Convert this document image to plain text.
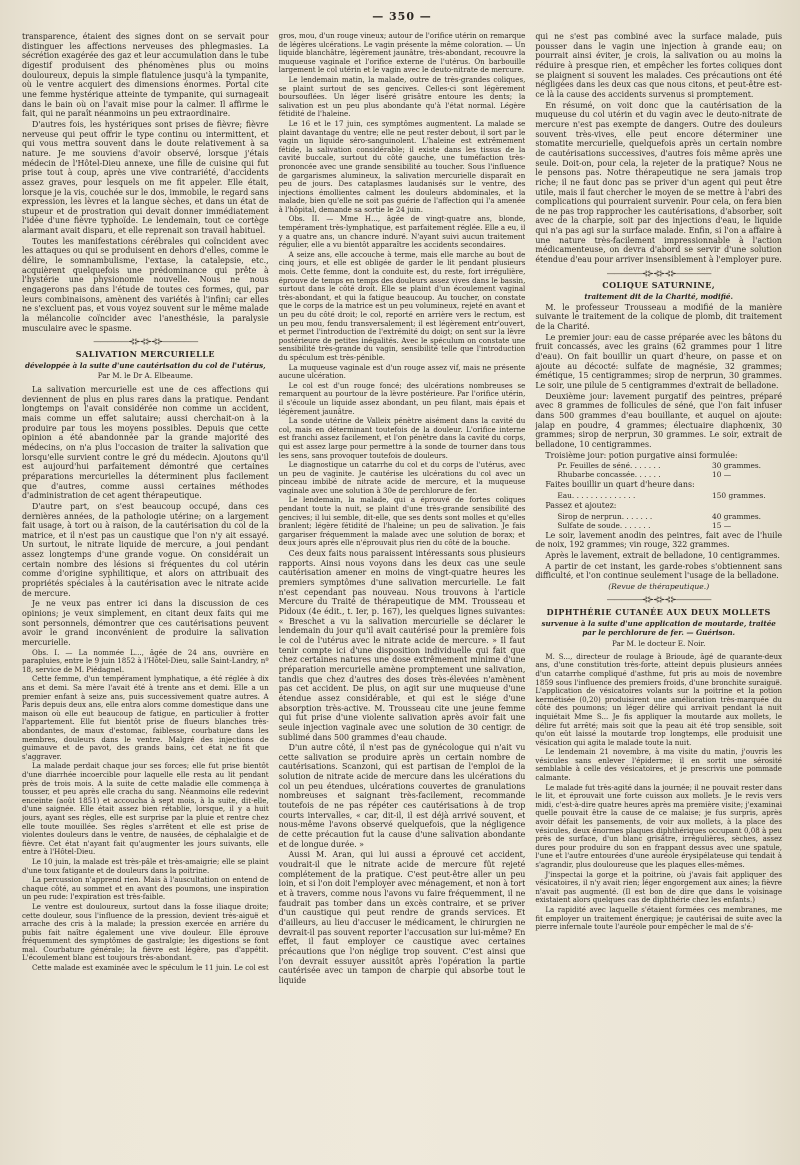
— 350 —

transparence, étaient des signes dont on se servait pour distinguer les affections nerveuses des phlegmasies. La sécrétion exagérée des gaz et leur accumulation dans le tube digestif produisent des phénomènes plus ou moins douloureux, depuis la simple flatulence jusqu'à la tympanite, où le ventre acquiert des dimensions énormes. Portal cite une femme hystérique atteinte de tympanite, qui surnageait dans le bain où on l'avait mise pour la calmer. Il affirme le fait, qui ne paraît néanmoins un peu extraordinaire.

D'autres fois, les hystériques sont prises de fièvre; fièvre nerveuse qui peut offrir le type continu ou intermittent, et qui vous mettra souvent dans le doute relativement à sa nature. Je me souviens d'avoir observé, lorsque j'étais médecin de l'Hôtel-Dieu annexe, une fille de cuisine qui fut prise tout à coup, après une vive contrariété, d'accidents assez graves, pour lesquels on me fit appeler. Elle était, lorsque je la vis, couchée sur le dos, immobile, le regard sans expression, les lèvres et la langue sèches, et dans un état de stupeur et de prostration qui devait donner immédiatement l'idée d'une fièvre typhoïde. Le lendemain, tout ce cortège alarmant avait disparu, et elle reprenait son travail habituel.

Toutes les manifestations cérébrales qui coïncident avec les attaques ou qui se produisent en dehors d'elles, comme le délire, le somnambulisme, l'extase, la catalepsie, etc., acquièrent quelquefois une prédominance qui prête à l'hystérie une physionomie nouvelle. Nous ne nous engagerons pas dans l'étude de toutes ces formes, qui, par leurs combinaisons, amènent des variétés à l'infini; car elles ne s'excluent pas, et vous voyez souvent sur le même malade la mélancolie coïncider avec l'anesthésie, la paralysie musculaire avec le spasme.

—————⊰⊱⊰⊱⊰⊱—————
SALIVATION MERCURIELLE
développée à la suite d'une cautérisation du col de l'utérus,
Par M. le Dr A. Elbeaume.

La salivation mercurielle est une de ces affections qui deviennent de plus en plus rares dans la pratique. Pendant longtemps on l'avait considérée non comme un accident, mais comme un effet salutaire; aussi cherchait-on à la produire par tous les moyens possibles. Depuis que cette opinion a été abandonnée par la grande majorité des médecins, on n'a plus l'occasion de traiter la salivation que lorsqu'elle survient contre le gré du médecin. Ajoutons qu'il est aujourd'hui parfaitement démontré que certaines préparations mercurielles la déterminent plus facilement que d'autres, comme aussi certaines méthodes d'administration de cet agent thérapeutique.

D'autre part, on s'est beaucoup occupé, dans ces dernières années, de la pathologie utérine; on a largement fait usage, à tort ou à raison, de la cautérisation du col de la matrice, et il n'est pas un caustique que l'on n'y ait essayé. Un surtout, le nitrate liquide de mercure, a joui pendant assez longtemps d'une grande vogue. On considérait un certain nombre des lésions si fréquentes du col utérin comme d'origine syphilitique, et alors on attribuait des propriétés spéciales à la cautérisation avec le nitrate acide de mercure.

Je ne veux pas entrer ici dans la discussion de ces opinions; je veux simplement, en citant deux faits qui me sont personnels, démontrer que ces cautérisations peuvent avoir le grand inconvénient de produire la salivation mercurielle.

Obs. I. — La nommée L..., âgée de 24 ans, ouvrière en parapluies, entre le 9 juin 1852 à l'Hôtel-Dieu, salle Saint-Landry, nº 18, service de M. Piédagnel.

Cette femme, d'un tempérament lymphatique, a été réglée à dix ans et demi. Sa mère l'avait été à trente ans et demi. Elle a un premier enfant à seize ans, puis successivement quatre autres. A Paris depuis deux ans, elle entra alors comme domestique dans une maison où elle eut beaucoup de fatigue, en particulier à frotter l'appartement. Elle fut bientôt prise de flueurs blanches très-abondantes, de maux d'estomac, faiblesse, courbature dans les membres, douleurs dans le ventre. Malgré des injections de guimauve et de pavot, des grands bains, cet état ne fit que s'aggraver.

La malade perdait chaque jour ses forces; elle fut prise bientôt d'une diarrhée incoercible pour laquelle elle resta au lit pendant près de trois mois. A la suite de cette maladie elle commença à tousser, et peu après elle cracha du sang. Néanmoins elle redevint enceinte (août 1851) et accoucha à sept mois, à la suite, dit-elle, d'une saignée. Elle était assez bien rétablie, lorsque, il y a huit jours, ayant ses règles, elle est surprise par la pluie et rentre chez elle toute mouillée. Ses règles s'arrêtent et elle est prise de violentes douleurs dans le ventre, de nausées, de céphalalgie et de fièvre. Cet état n'ayant fait qu'augmenter les jours suivants, elle entre à l'Hôtel-Dieu.

Le 10 juin, la malade est très-pâle et très-amaigrie; elle se plaint d'une toux fatigante et de douleurs dans la poitrine.

La percussion n'apprend rien. Mais à l'auscultation on entend de chaque côté, au sommet et en avant des poumons, une inspiration un peu rude: l'expiration est très-faible.

Le ventre est douloureux, surtout dans la fosse iliaque droite; cette douleur, sous l'influence de la pression, devient très-aiguë et arrache des cris à la malade; la pression exercée en arrière du pubis fait naître également une vive douleur. Elle éprouve fréquemment des symptômes de gastralgie; les digestions se font mal. Courbature générale; la fièvre est légère, pas d'appétit. L'écoulement blanc est toujours très-abondant.

Cette malade est examinée avec le spéculum le 11 juin. Le col est

gros, mou, d'un rouge vineux; autour de l'orifice utérin on remarque de légères ulcérations. Le vagin présente la même coloration. — Un liquide blanchâtre, légèrement jaunâtre, très-abondant, recouvre la muqueuse vaginale et l'orifice externe de l'utérus. On barbouille largement le col utérin et le vagin avec le deuto-nitrate de mercure.

Le lendemain matin, la malade, outre de très-grandes coliques, se plaint surtout de ses gencives. Celles-ci sont légèrement boursouflées. Un léger liséré grisâtre entoure les dents; la salivation est un peu plus abondante qu'à l'état normal. Légère fétidité de l'haleine.

Le 16 et le 17 juin, ces symptômes augmentent. La malade se plaint davantage du ventre; elle ne peut rester debout, il sort par le vagin un liquide séro-sanguinolent. L'haleine est extrêmement fétide, la salivation considérable; il existe dans les tissus de la cavité buccale, surtout du côté gauche, une tuméfaction très-prononcée avec une grande sensibilité au toucher. Sous l'influence de gargarismes alumineux, la salivation mercurielle disparaît en peu de jours. Des cataplasmes laudanisés sur le ventre, des injections émollientes calment les douleurs abdominales, et la malade, bien qu'elle ne soit pas guérie de l'affection qui l'a amenée à l'hôpital, demande sa sortie le 24 juin.

Obs. II. — Mme H..., âgée de vingt-quatre ans, blonde, tempérament très-lymphatique, est parfaitement réglée. Elle a eu, il y a quatre ans, un chancre induré. N'ayant suivi aucun traitement régulier, elle a vu bientôt apparaître les accidents secondaires.

A seize ans, elle accouche à terme, mais elle marche au bout de cinq jours, et elle est obligée de garder le lit pendant plusieurs mois. Cette femme, dont la conduite est, du reste, fort irrégulière, éprouve de temps en temps des douleurs assez vives dans le bassin, surtout dans le côté droit. Elle se plaint d'un écoulement vaginal très-abondant, et qui la fatigue beaucoup. Au toucher, on constate que le corps de la matrice est un peu volumineux, rejeté en avant et un peu du côté droit; le col, reporté en arrière vers le rectum, est un peu mou, fendu transversalement; il est légèrement entr'ouvert, et permet l'introduction de l'extrémité du doigt; on sent sur la lèvre postérieure de petites inégalités. Avec le spéculum on constate une sensibilité très-grande du vagin, sensibilité telle que l'introduction du spéculum est très-pénible.

La muqueuse vaginale est d'un rouge assez vif, mais ne présente aucune ulcération.

Le col est d'un rouge foncé; des ulcérations nombreuses se remarquent au pourtour de la lèvre postérieure. Par l'orifice utérin, il s'écoule un liquide assez abondant, un peu filant, mais épais et légèrement jaunâtre.

La sonde utérine de Valleix pénètre aisément dans la cavité du col, mais en déterminant toutefois de la douleur. L'orifice interne est franchi assez facilement, et l'on pénètre dans la cavité du corps, qui est assez large pour permettre à la sonde de tourner dans tous les sens, sans provoquer toutefois de douleurs.

Le diagnostique un catarrhe du col et du corps de l'utérus, avec un peu de vaginite. Je cautérise les ulcérations du col avec un pinceau imbibé de nitrate acide de mercure, et la muqueuse vaginale avec une solution à 30e de perchlorure de fer.

Le lendemain, la malade, qui a éprouvé de fortes coliques pendant toute la nuit, se plaint d'une très-grande sensibilité des gencives; il lui semble, dit-elle, que ses dents sont molles et qu'elles branlent; légère fétidité de l'haleine; un peu de salivation. Je fais gargariser fréquemment la malade avec une solution de borax; et deux jours après elle n'éprouvait plus rien du côté de la bouche.

Ces deux faits nous paraissent intéressants sous plusieurs rapports. Ainsi nous voyons dans les deux cas une seule cautérisation amener en moins de vingt-quatre heures les premiers symptômes d'une salivation mercurielle. Le fait n'est cependant pas nouveau. Nous trouvons à l'article Mercure du Traité de thérapeutique de MM. Trousseau et Pidoux (4e édit., t. Ier, p. 167), les quelques lignes suivantes: « Breschet a vu la salivation mercurielle se déclarer le lendemain du jour qu'il avait cautérisé pour la première fois le col de l'utérus avec le nitrate acide de mercure. » Il faut tenir compte ici d'une disposition individuelle qui fait que chez certaines natures une dose extrêmement minime d'une préparation mercurielle amène promptement une salivation, tandis que chez d'autres des doses très-élevées n'amènent pas cet accident. De plus, on agit sur une muqueuse d'une étendue assez considérable, et qui est le siége d'une absorption très-active. M. Trousseau cite une jeune femme qui fut prise d'une violente salivation après avoir fait une seule injection vaginale avec une solution de 30 centigr. de sublimé dans 500 grammes d'eau chaude.

D'un autre côté, il n'est pas de gynécologue qui n'ait vu cette salivation se produire après un certain nombre de cautérisations. Scanzoni, qui est partisan de l'emploi de la solution de nitrate acide de mercure dans les ulcérations du col un peu étendues, ulcérations couvertes de granulations nombreuses et saignant très-facilement, recommande toutefois de ne pas répéter ces cautérisations à de trop courts intervalles, « car, dit-il, il est déjà arrivé souvent, et nous-même l'avons observé quelquefois, que la négligence de cette précaution fut la cause d'une salivation abondante et de longue durée. »

Aussi M. Aran, qui lui aussi a éprouvé cet accident, voudrait-il que le nitrate acide de mercure fût rejeté complétement de la pratique. C'est peut-être aller un peu loin, et si l'on doit l'employer avec ménagement, et non à tort et à travers, comme nous l'avons vu faire fréquemment, il ne faudrait pas tomber dans un excès contraire, et se priver d'un caustique qui peut rendre de grands services. Et d'ailleurs, au lieu d'accuser le médicament, le chirurgien ne devrait-il pas souvent reporter l'accusation sur lui-même? En effet, il faut employer ce caustique avec certaines précautions que l'on néglige trop souvent. C'est ainsi que l'on devrait essuyer aussitôt après l'opération la partie cautérisée avec un tampon de charpie qui absorbe tout le liquide

qui ne s'est pas combiné avec la surface malade, puis pousser dans le vagin une injection à grande eau; on pourrait ainsi éviter, je crois, la salivation ou au moins la réduire à presque rien, et empêcher les fortes coliques dont se plaignent si souvent les malades. Ces précautions ont été négligées dans les deux cas que nous citons, et peut-être est-ce là la cause des accidents survenus si promptement.

En résumé, on voit donc que la cautérisation de la muqueuse du col utérin et du vagin avec le deuto-nitrate de mercure n'est pas exempte de dangers. Outre des douleurs souvent très-vives, elle peut encore déterminer une stomatite mercurielle, quelquefois après un certain nombre de cautérisations successives, d'autres fois même après une seule. Doit-on, pour cela, la rejeter de la pratique? Nous ne le pensons pas. Notre thérapeutique ne sera jamais trop riche; il ne faut donc pas se priver d'un agent qui peut être utile, mais il faut chercher le moyen de se mettre à l'abri des complications qui pourraient survenir. Pour cela, on fera bien de ne pas trop rapprocher les cautérisations, d'absorber, soit avec de la charpie, soit par des injections d'eau, le liquide qui n'a pas agi sur la surface malade. Enfin, si l'on a affaire à une nature très-facilement impressionnable à l'action médicamenteuse, on devra d'abord se servir d'une solution étendue d'eau pour arriver insensiblement à l'employer pure.

—————⊰⊱⊰⊱⊰⊱—————
COLIQUE SATURNINE,
traitement dit de la Charité, modifié.

M. le professeur Trousseau a modifié de la manière suivante le traitement de la colique de plomb, dit traitement de la Charité.

Le premier jour: eau de casse préparée avec les bâtons du fruit concassés, avec les grains (62 grammes pour 1 litre d'eau). On fait bouillir un quart d'heure, on passe et on ajoute au décocté: sulfate de magnésie, 32 grammes; émétique, 15 centigrammes; sirop de nerprun, 30 grammes. Le soir, une pilule de 5 centigrammes d'extrait de belladone.

Deuxième jour: lavement purgatif des peintres, préparé avec 8 grammes de follicules de séné, que l'on fait infuser dans 500 grammes d'eau bouillante, et auquel on ajoute: jalap en poudre, 4 grammes; électuaire diaphœnix, 30 grammes; sirop de nerprun, 30 grammes. Le soir, extrait de belladone, 10 centigrammes.

Troisième jour: potion purgative ainsi formulée:

Pr. Feuilles de séné. . . . . . .	30 grammes.
Rhubarbe concassée. . . . . .	10 —

Faites bouillir un quart d'heure dans:

Eau. . . . . . . . . . . . . .	150 grammes.

Passez et ajoutez:

Sirop de nerprun. . . . . . .	40 grammes.
Sulfate de soude. . . . . . .	15 —

Le soir, lavement anodin des peintres, fait avec de l'huile de noix, 192 grammes; vin rouge, 322 grammes.

Après le lavement, extrait de belladone, 10 centigrammes.

A partir de cet instant, les garde-robes s'obtiennent sans difficulté, et l'on continue seulement l'usage de la belladone.

(Revue de thérapeutique.)
—————⊰⊱⊰⊱⊰⊱—————
DIPHTHÉRIE CUTANÉE AUX DEUX MOLLETS
survenue à la suite d'une application de moutarde, traitée par le perchlorure de fer. — Guérison.
Par M. le docteur E. Noir.

M. S..., directeur de roulage à Brioude, âgé de quarante-deux ans, d'une constitution très-forte, atteint depuis plusieurs années d'un catarrhe compliqué d'asthme, fut pris au mois de novembre 1859 sous l'influence des premiers froids, d'une bronchite suraiguë. L'application de vésicatoires volants sur la poitrine et la potion kermétisée (0,20) produisirent une amélioration très-marquée du côté des poumons; un léger délire qui arrivait pendant la nuit inquiétait Mme S... Je fis appliquer la moutarde aux mollets, le délire fut arrêté; mais soit que la peau ait été trop sensible, soit qu'on eût laissé la moutarde trop longtemps, elle produisit une vésication qui agita le malade toute la nuit.

Le lendemain 21 novembre, à ma visite du matin, j'ouvris les vésicules sans enlever l'épiderme; il en sortit une sérosité semblable à celle des vésicatoires, et je prescrivis une pommade calmante.

Le malade fut très-agité dans la journée; il ne pouvait rester dans le lit, et éprouvait une forte cuisson aux mollets. Je le revis vers midi, c'est-à-dire quatre heures après ma première visite; j'examinai quelle pouvait être la cause de ce malaise; je fus surpris, après avoir défait les pansements, de voir aux mollets, à la place des vésicules, deux énormes plaques diphthériques occupant 0,08 à peu près de surface, d'un blanc grisâtre, irrégulières, sèches, assez dures pour produire du son en frappant dessus avec une spatule, l'une et l'autre entourées d'une auréole érysipélateuse qui tendait à s'agrandir, plus douloureuse que les plaques elles-mêmes.

J'inspectai la gorge et la poitrine, où j'avais fait appliquer des vésicatoires, il n'y avait rien; léger engorgement aux aines; la fièvre n'avait pas augmenté. (Il est bon de dire que dans le voisinage existaient alors quelques cas de diphthérie chez les enfants.)

La rapidité avec laquelle s'étaient formées ces membranes, me fit employer un traitement énergique; je cautérisai de suite avec la pierre infernale toute l'auréole pour empêcher le mal de s'é-
